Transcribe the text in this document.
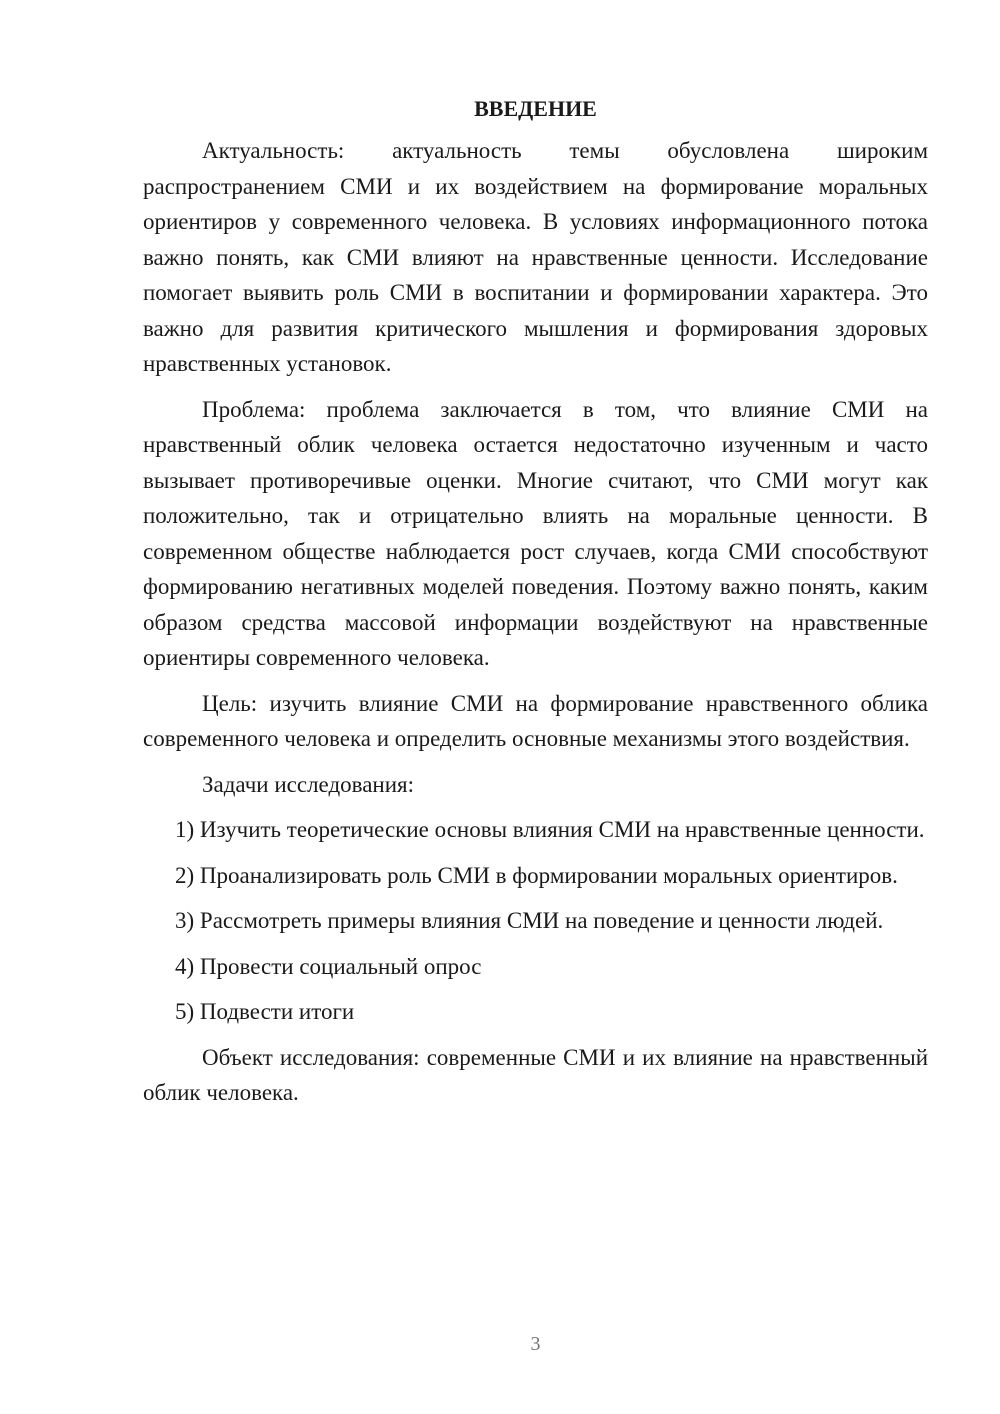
ВВЕДЕНИЕ

Актуальность: актуальность темы обусловлена широким распространением СМИ и их воздействием на формирование моральных ориентиров у современного человека. В условиях информационного потока важно понять, как СМИ влияют на нравственные ценности. Исследование помогает выявить роль СМИ в воспитании и формировании характера. Это важно для развития критического мышления и формирования здоровых нравственных установок.

Проблема: проблема заключается в том, что влияние СМИ на нравственный облик человека остается недостаточно изученным и часто вызывает противоречивые оценки. Многие считают, что СМИ могут как положительно, так и отрицательно влиять на моральные ценности. В современном обществе наблюдается рост случаев, когда СМИ способствуют формированию негативных моделей поведения. Поэтому важно понять, каким образом средства массовой информации воздействуют на нравственные ориентиры современного человека.

Цель: изучить влияние СМИ на формирование нравственного облика современного человека и определить основные механизмы этого воздействия.

Задачи исследования:

1) Изучить теоретические основы влияния СМИ на нравственные ценности.

2) Проанализировать роль СМИ в формировании моральных ориентиров.

3) Рассмотреть примеры влияния СМИ на поведение и ценности людей.

4) Провести социальный опрос

5) Подвести итоги

Объект исследования: современные СМИ и их влияние на нравственный облик человека.

3
